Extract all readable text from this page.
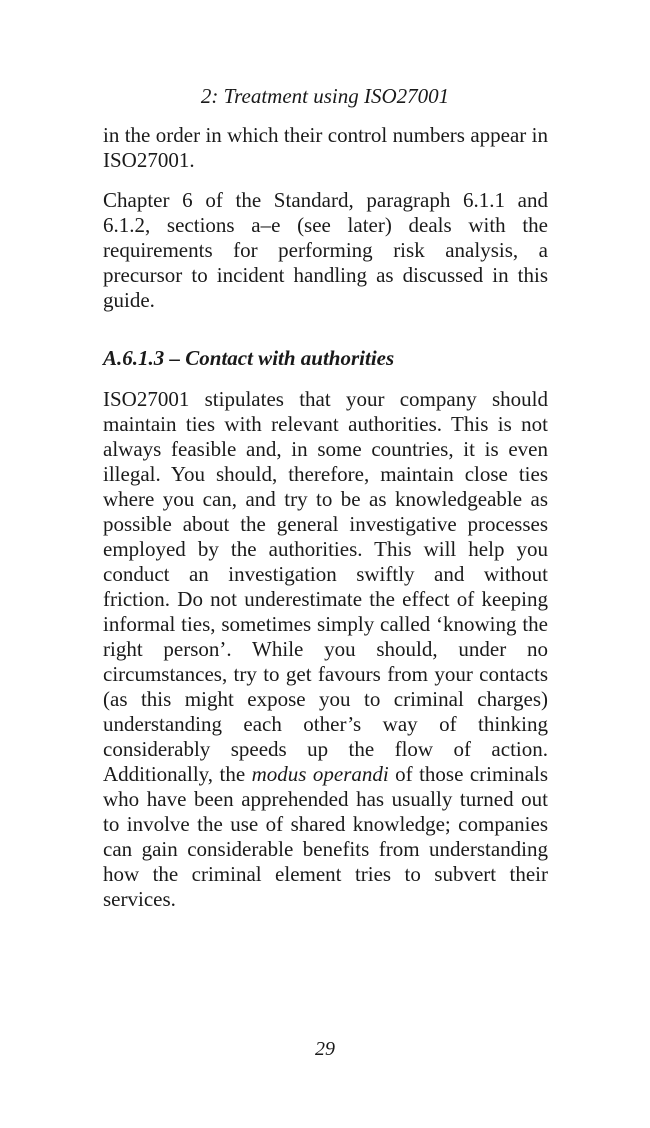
2: Treatment using ISO27001
in the order in which their control numbers appear in ISO27001.
Chapter 6 of the Standard, paragraph 6.1.1 and 6.1.2, sections a–e (see later) deals with the requirements for performing risk analysis, a precursor to incident handling as discussed in this guide.
A.6.1.3 – Contact with authorities
ISO27001 stipulates that your company should maintain ties with relevant authorities. This is not always feasible and, in some countries, it is even illegal. You should, therefore, maintain close ties where you can, and try to be as knowledgeable as possible about the general investigative processes employed by the authorities. This will help you conduct an investigation swiftly and without friction. Do not underestimate the effect of keeping informal ties, sometimes simply called ‘knowing the right person’. While you should, under no circumstances, try to get favours from your contacts (as this might expose you to criminal charges) understanding each other’s way of thinking considerably speeds up the flow of action. Additionally, the modus operandi of those criminals who have been apprehended has usually turned out to involve the use of shared knowledge; companies can gain considerable benefits from understanding how the criminal element tries to subvert their services.
29
